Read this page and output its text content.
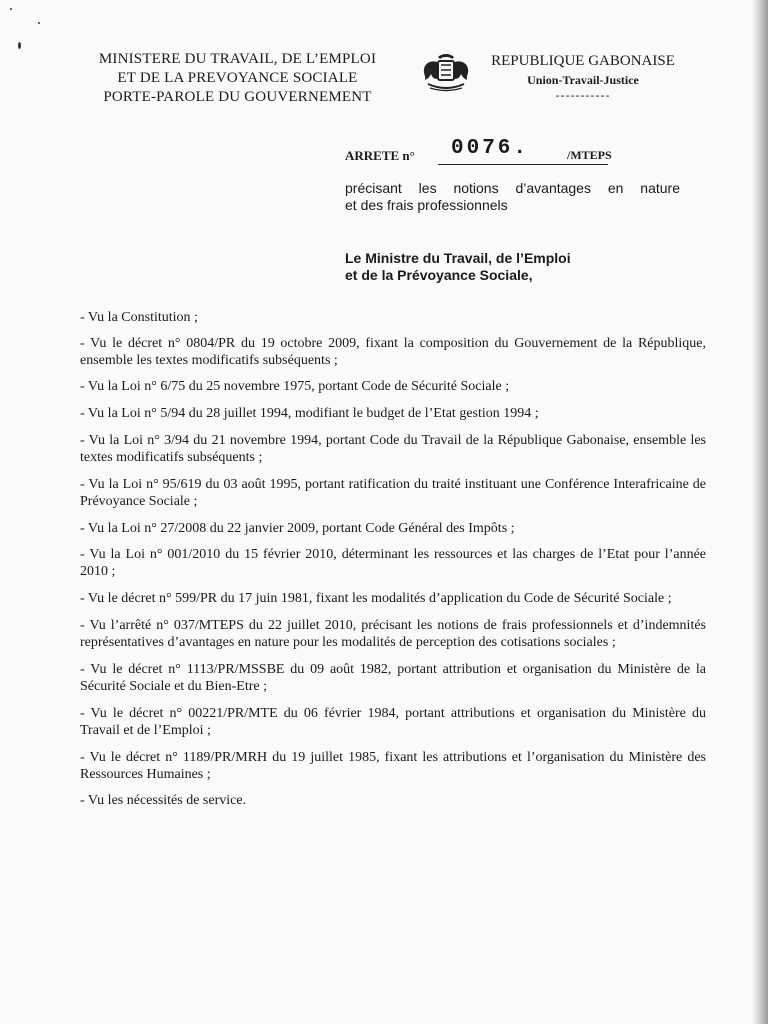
MINISTERE DU TRAVAIL, DE L’EMPLOI
ET DE LA PREVOYANCE SOCIALE
PORTE-PAROLE DU GOUVERNEMENT
REPUBLIQUE GABONAISE
Union-Travail-Justice
-----------
ARRETE n° 0076.	/MTEPS
précisant les notions d’avantages en nature
et des frais professionnels
Le Ministre du Travail, de l’Emploi
et de la Prévoyance Sociale,

- Vu la Constitution ;

- Vu le décret n° 0804/PR du 19 octobre 2009, fixant la composition du Gouvernement de la République, ensemble les textes modificatifs subséquents ;

- Vu la Loi n° 6/75 du 25 novembre 1975, portant Code de Sécurité Sociale ;

- Vu la Loi n° 5/94 du 28 juillet 1994, modifiant le budget de l’Etat gestion 1994 ;

- Vu la Loi n° 3/94 du 21 novembre 1994, portant Code du Travail de la République Gabonaise, ensemble les textes modificatifs subséquents ;

- Vu la Loi n° 95/619 du 03 août 1995, portant ratification du traité instituant une Conférence Interafricaine de Prévoyance Sociale ;

- Vu la Loi n° 27/2008 du 22 janvier 2009, portant Code Général des Impôts ;

- Vu la Loi n° 001/2010 du 15 février 2010, déterminant les ressources et las charges de l’Etat pour l’année 2010 ;

- Vu le décret n° 599/PR du 17 juin 1981, fixant les modalités d’application du Code de Sécurité Sociale ;

- Vu l’arrêté n° 037/MTEPS du 22 juillet 2010, précisant les notions de frais professionnels et d’indemnités représentatives d’avantages en nature pour les modalités de perception des cotisations sociales ;

- Vu le décret n° 1113/PR/MSSBE du 09 août 1982, portant attribution et organisation du Ministère de la Sécurité Sociale et du Bien-Etre ;

- Vu le décret n° 00221/PR/MTE du 06 février 1984, portant attributions et organisation du Ministère du Travail et de l’Emploi ;

- Vu le décret n° 1189/PR/MRH du 19 juillet 1985, fixant les attributions et l’organisation du Ministère des Ressources Humaines ;

- Vu les nécessités de service.
